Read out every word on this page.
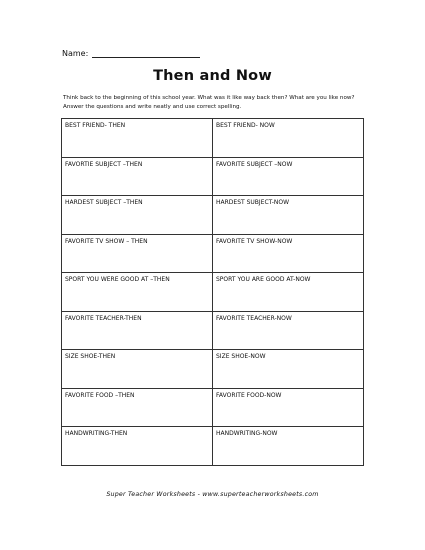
Name:
Then and Now
Think back to the beginning of this school year. What was it like way back then? What are you like now? Answer the questions and write neatly and use correct spelling.
BEST FRIEND- THEN	BEST FRIEND- NOW
FAVORTIE SUBJECT –THEN	FAVORITE SUBJECT –NOW
HARDEST SUBJECT –THEN	HARDEST SUBJECT-NOW
FAVORITE TV SHOW – THEN	FAVORITE TV SHOW-NOW
SPORT YOU WERE GOOD AT –THEN	SPORT YOU ARE GOOD AT-NOW
FAVORITE TEACHER-THEN	FAVORITE TEACHER-NOW
SIZE SHOE-THEN	SIZE SHOE-NOW
FAVORITE FOOD –THEN	FAVORITE FOOD-NOW
HANDWRITING-THEN	HANDWRITING-NOW
Super Teacher Worksheets - www.superteacherworksheets.com
